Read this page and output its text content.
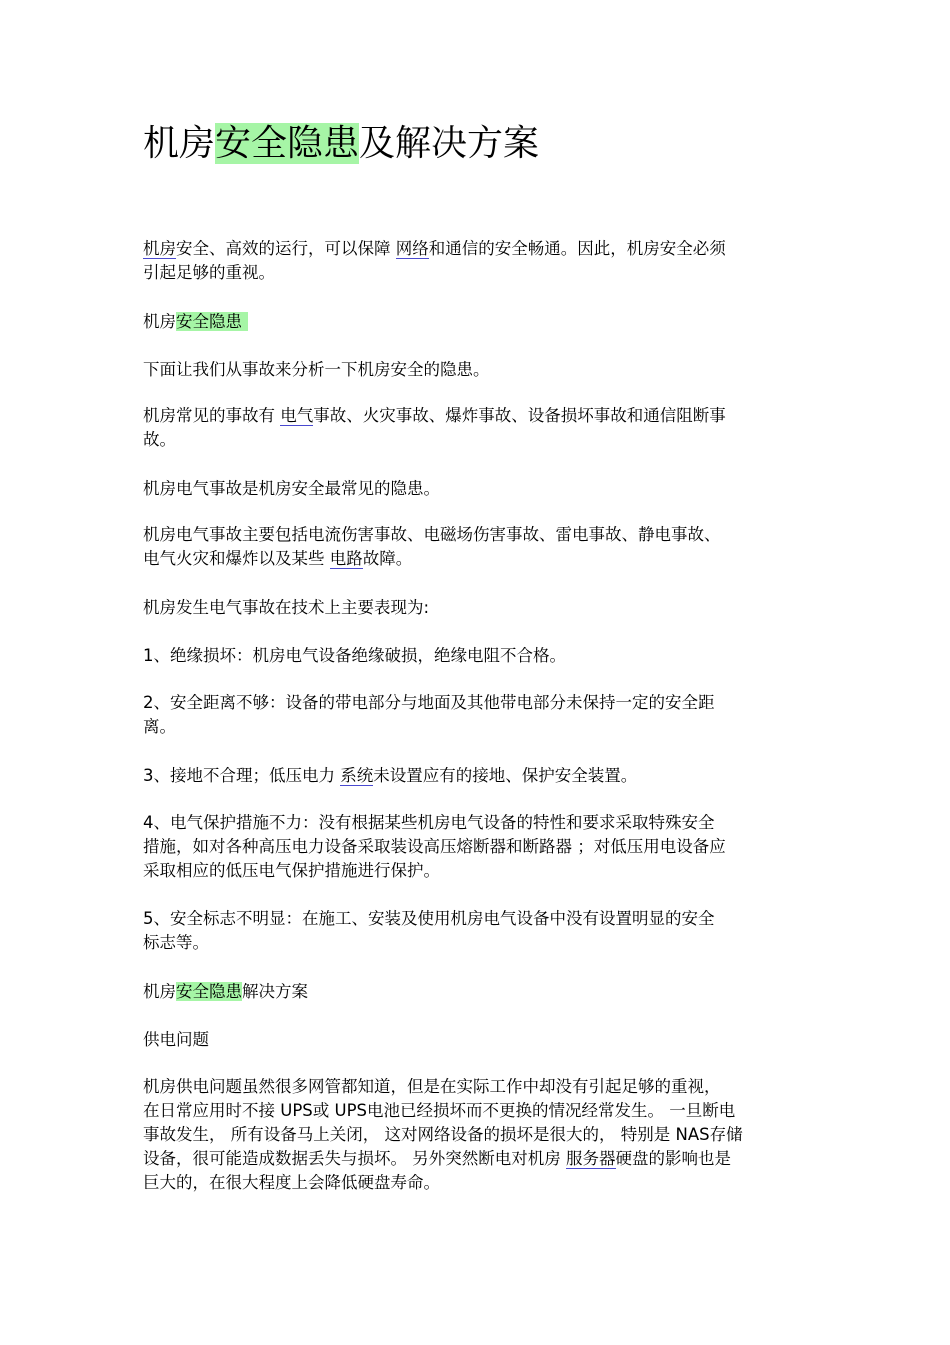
机房安全隐患及解决方案
机房安全、高效的运行，可以保障 网络和通信的安全畅通。因此，机房安全必须
引起足够的重视。
机房安全隐患
下面让我们从事故来分析一下机房安全的隐患。
机房常见的事故有 电气事故、火灾事故、爆炸事故、设备损坏事故和通信阻断事
故。
机房电气事故是机房安全最常见的隐患。
机房电气事故主要包括电流伤害事故、电磁场伤害事故、雷电事故、静电事故、
电气火灾和爆炸以及某些 电路故障。
机房发生电气事故在技术上主要表现为:
1、绝缘损坏：机房电气设备绝缘破损，绝缘电阻不合格。
2、安全距离不够：设备的带电部分与地面及其他带电部分未保持一定的安全距
离。
3、接地不合理；低压电力 系统未设置应有的接地、保护安全装置。
4、电气保护措施不力：没有根据某些机房电气设备的特性和要求采取特殊安全
措施，如对各种高压电力设备采取装设高压熔断器和断路器 ；对低压用电设备应
采取相应的低压电气保护措施进行保护。
5、安全标志不明显：在施工、安装及使用机房电气设备中没有设置明显的安全
标志等。
机房安全隐患解决方案
供电问题
机房供电问题虽然很多网管都知道，但是在实际工作中却没有引起足够的重视，
在日常应用时不接 UPS或 UPS电池已经损坏而不更换的情况经常发生。 一旦断电
事故发生， 所有设备马上关闭， 这对网络设备的损坏是很大的， 特别是 NAS存储
设备，很可能造成数据丢失与损坏。 另外突然断电对机房 服务器硬盘的影响也是
巨大的，在很大程度上会降低硬盘寿命。
